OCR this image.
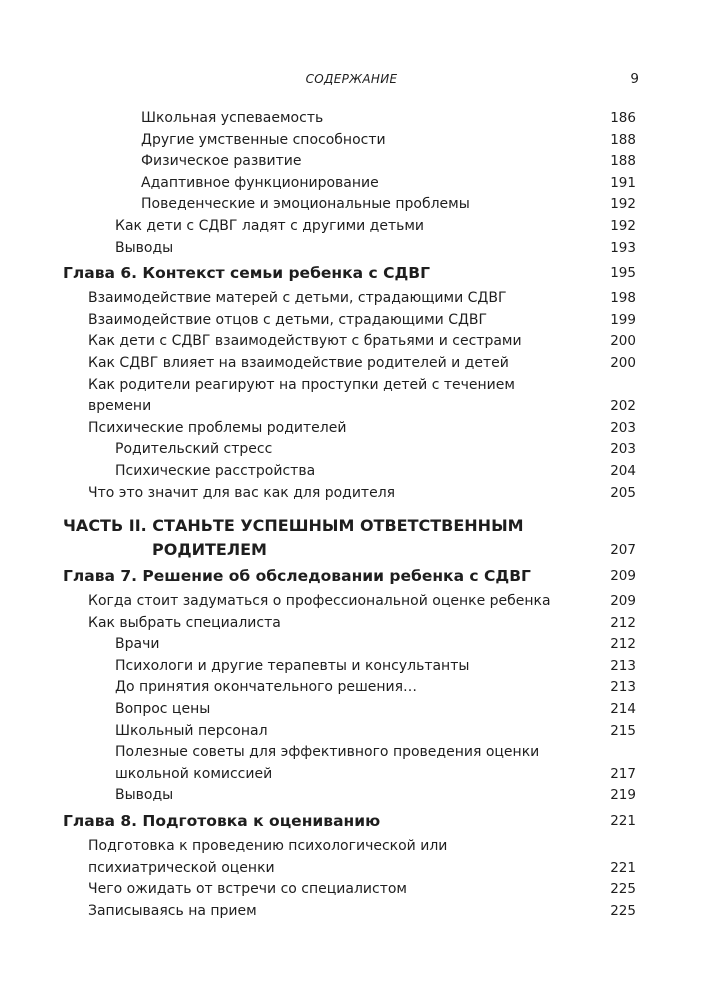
СОДЕРЖАНИЕ	9
Школьная успеваемость	186
Другие умственные способности	188
Физическое развитие	188
Адаптивное функционирование	191
Поведенческие и эмоциональные проблемы	192
Как дети с СДВГ ладят с другими детьми	192
Выводы	193
Глава 6. Контекст семьи ребенка с СДВГ	195
Взаимодействие матерей с детьми, страдающими СДВГ	198
Взаимодействие отцов с детьми, страдающими СДВГ	199
Как дети с СДВГ взаимодействуют с братьями и сестрами	200
Как СДВГ влияет на взаимодействие родителей и детей	200
Как родители реагируют на проступки детей с течением времени	202
Психические проблемы родителей	203
Родительский стресс	203
Психические расстройства	204
Что это значит для вас как для родителя	205
ЧАСТЬ II. СТАНЬТЕ УСПЕШНЫМ ОТВЕТСТВЕННЫМ
РОДИТЕЛЕМ	207
Глава 7. Решение об обследовании ребенка с СДВГ	209
Когда стоит задуматься о профессиональной оценке ребенка	209
Как выбрать специалиста	212
Врачи	212
Психологи и другие терапевты и консультанты	213
До принятия окончательного решения…	213
Вопрос цены	214
Школьный персонал	215
Полезные советы для эффективного проведения оценки школьной комиссией	217
Выводы	219
Глава 8. Подготовка к оцениванию	221
Подготовка к проведению психологической или психиатрической оценки	221
Чего ожидать от встречи со специалистом	225
Записываясь на прием	225
